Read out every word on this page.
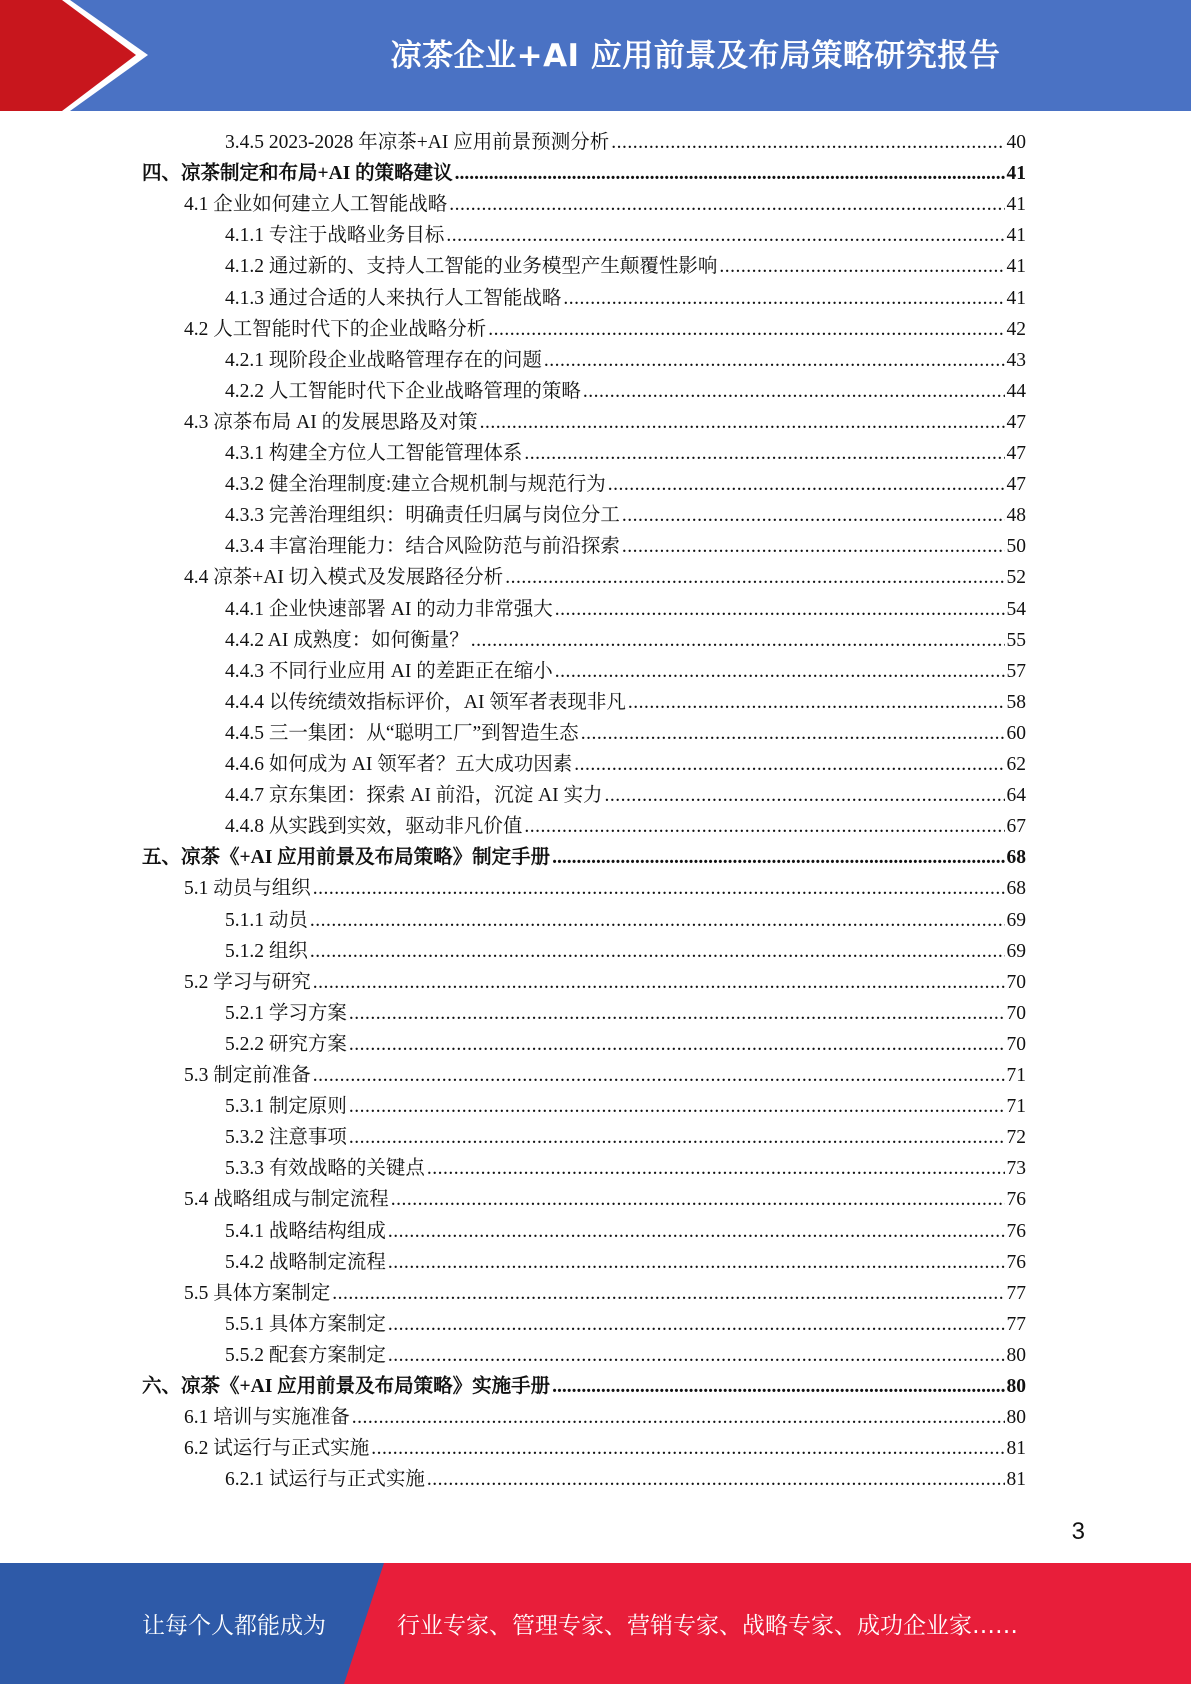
凉茶企业+AI 应用前景及布局策略研究报告
3.4.5 2023-2028 年凉茶+AI 应用前景预测分析 .....	40
四、凉茶制定和布局+AI 的策略建议 .....	41
4.1 企业如何建立人工智能战略 .....	41
4.1.1 专注于战略业务目标 .....	41
4.1.2 通过新的、支持人工智能的业务模型产生颠覆性影响 .....	41
4.1.3 通过合适的人来执行人工智能战略 .....	41
4.2 人工智能时代下的企业战略分析 .....	42
4.2.1 现阶段企业战略管理存在的问题 .....	43
4.2.2 人工智能时代下企业战略管理的策略 .....	44
4.3 凉茶布局 AI 的发展思路及对策 .....	47
4.3.1 构建全方位人工智能管理体系 .....	47
4.3.2 健全治理制度:建立合规机制与规范行为 .....	47
4.3.3 完善治理组织：明确责任归属与岗位分工 .....	48
4.3.4 丰富治理能力：结合风险防范与前沿探索 .....	50
4.4 凉茶+AI 切入模式及发展路径分析 .....	52
4.4.1 企业快速部署 AI 的动力非常强大 .....	54
4.4.2 AI 成熟度：如何衡量？ .....	55
4.4.3 不同行业应用 AI 的差距正在缩小 .....	57
4.4.4 以传统绩效指标评价，AI 领军者表现非凡 .....	58
4.4.5 三一集团：从“聪明工厂”到智造生态 .....	60
4.4.6 如何成为 AI 领军者？五大成功因素 .....	62
4.4.7 京东集团：探索 AI 前沿，沉淀 AI 实力 .....	64
4.4.8 从实践到实效，驱动非凡价值 .....	67
五、凉茶《+AI 应用前景及布局策略》制定手册 .....	68
5.1 动员与组织 .....	68
5.1.1 动员 .....	69
5.1.2 组织 .....	69
5.2 学习与研究 .....	70
5.2.1 学习方案 .....	70
5.2.2 研究方案 .....	70
5.3 制定前准备 .....	71
5.3.1 制定原则 .....	71
5.3.2 注意事项 .....	72
5.3.3 有效战略的关键点 .....	73
5.4 战略组成与制定流程 .....	76
5.4.1 战略结构组成 .....	76
5.4.2 战略制定流程 .....	76
5.5 具体方案制定 .....	77
5.5.1 具体方案制定 .....	77
5.5.2 配套方案制定 .....	80
六、凉茶《+AI 应用前景及布局策略》实施手册 .....	80
6.1 培训与实施准备 .....	80
6.2 试运行与正式实施 .....	81
6.2.1 试运行与正式实施 .....	81
3
让每个人都能成为	行业专家、管理专家、营销专家、战略专家、成功企业家……
